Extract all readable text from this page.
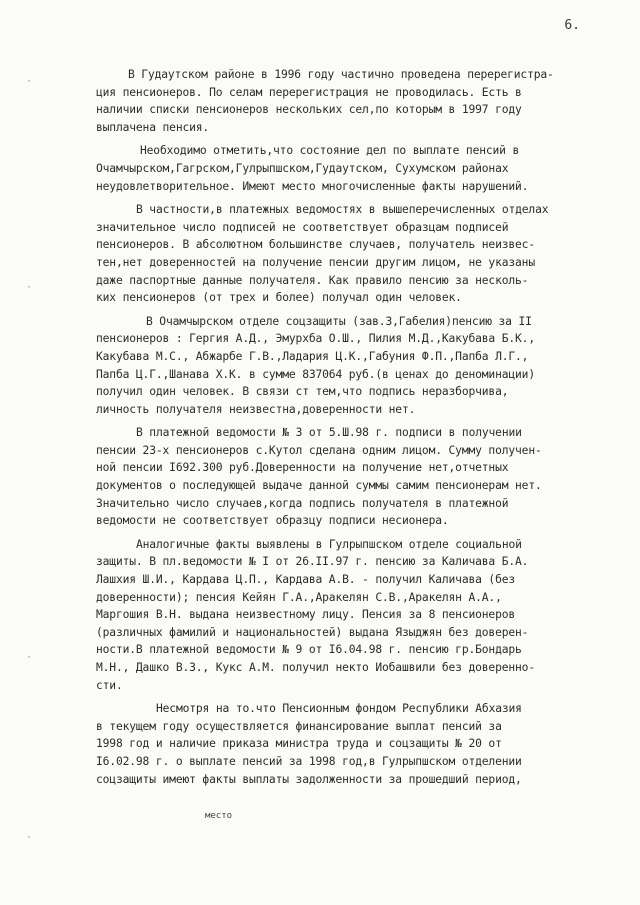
6.
·
·
·
·
В Гудаутском районе в 1996 году частично проведена перерегистра-
ция пенсионеров. По селам перерегистрация не проводилась. Есть в
наличии списки пенсионеров нескольких сел,по которым в 1997 году
выплачена пенсия.
Необходимо отметить,что состояние дел по выплате пенсий в
Очамчырском,Гагрском,Гулрыпшском,Гудаутском, Сухумском районах
неудовлетворительное. Имеют место многочисленные факты нарушений.
В частности,в платежных ведомостях в вышеперечисленных отделах
значительное число подписей не соответствует образцам подписей
пенсионеров. В абсолютном большинстве случаев, получатель неизвес-
тен,нет доверенностей на получение пенсии другим лицом, не указаны
даже паспортные данные получателя. Как правило пенсию за несколь-
ких пенсионеров (от трех и более) получал один человек.
В Очамчырском отделе соцзащиты (зав.З,Габелия)пенсию за II
пенсионеров : Гергия А.Д., Эмурхба О.Ш., Пилия М.Д.,Какубава Б.К.,
Какубава М.С., Абжарбе Г.В.,Ладария Ц.К.,Габуния Ф.П.,Папба Л.Г.,
Папба Ц.Г.,Шанава Х.К. в сумме 837064 руб.(в ценах до деноминации)
получил один человек. В связи ст тем,что подпись неразборчива,
личность получателя неизвестна,доверенности нет.
В платежной ведомости № 3 от 5.Ш.98 г. подписи в получении
пенсии 23-х пенсионеров с.Кутол сделана одним лицом. Сумму получен-
ной пенсии I692.300 руб.Доверенности на получение нет,отчетных
документов о последующей выдаче данной суммы самим пенсионерам нет.
Значительно число случаев,когда подпись получателя в платежной
ведомости не соответствует образцу подписи несионера.
Аналогичные факты выявлены в Гулрыпшском отделе социальной
защиты. В пл.ведомости № I от 26.II.97 г. пенсию за Каличава Б.А.
Лашхия Ш.И., Кардава Ц.П., Кардава А.В. - получил Каличава (без
доверенности); пенсия Кейян Г.А.,Аракелян С.В.,Аракелян А.А.,
Маргошия В.Н. выдана неизвестному лицу. Пенсия за 8 пенсионеров
(различных фамилий и национальностей) выдана Языджян без доверен-
ности.В платежной ведомости № 9 от I6.04.98 г. пенсию гр.Бондарь
М.Н., Дашко В.З., Кукс А.М. получил некто Иобашвили без доверенно-
сти.
Несмотря на то.что Пенсионным фондом Республики Абхазия
в текущем году осуществляется финансирование выплат пенсий за
1998 год и наличие приказа министра труда и соцзащиты № 20 от
I6.02.98 г. о выплате пенсий за 1998 год,в Гулрыпшском отделении
соцзащиты имеют факты выплаты задолженности за прошедший период,
место
